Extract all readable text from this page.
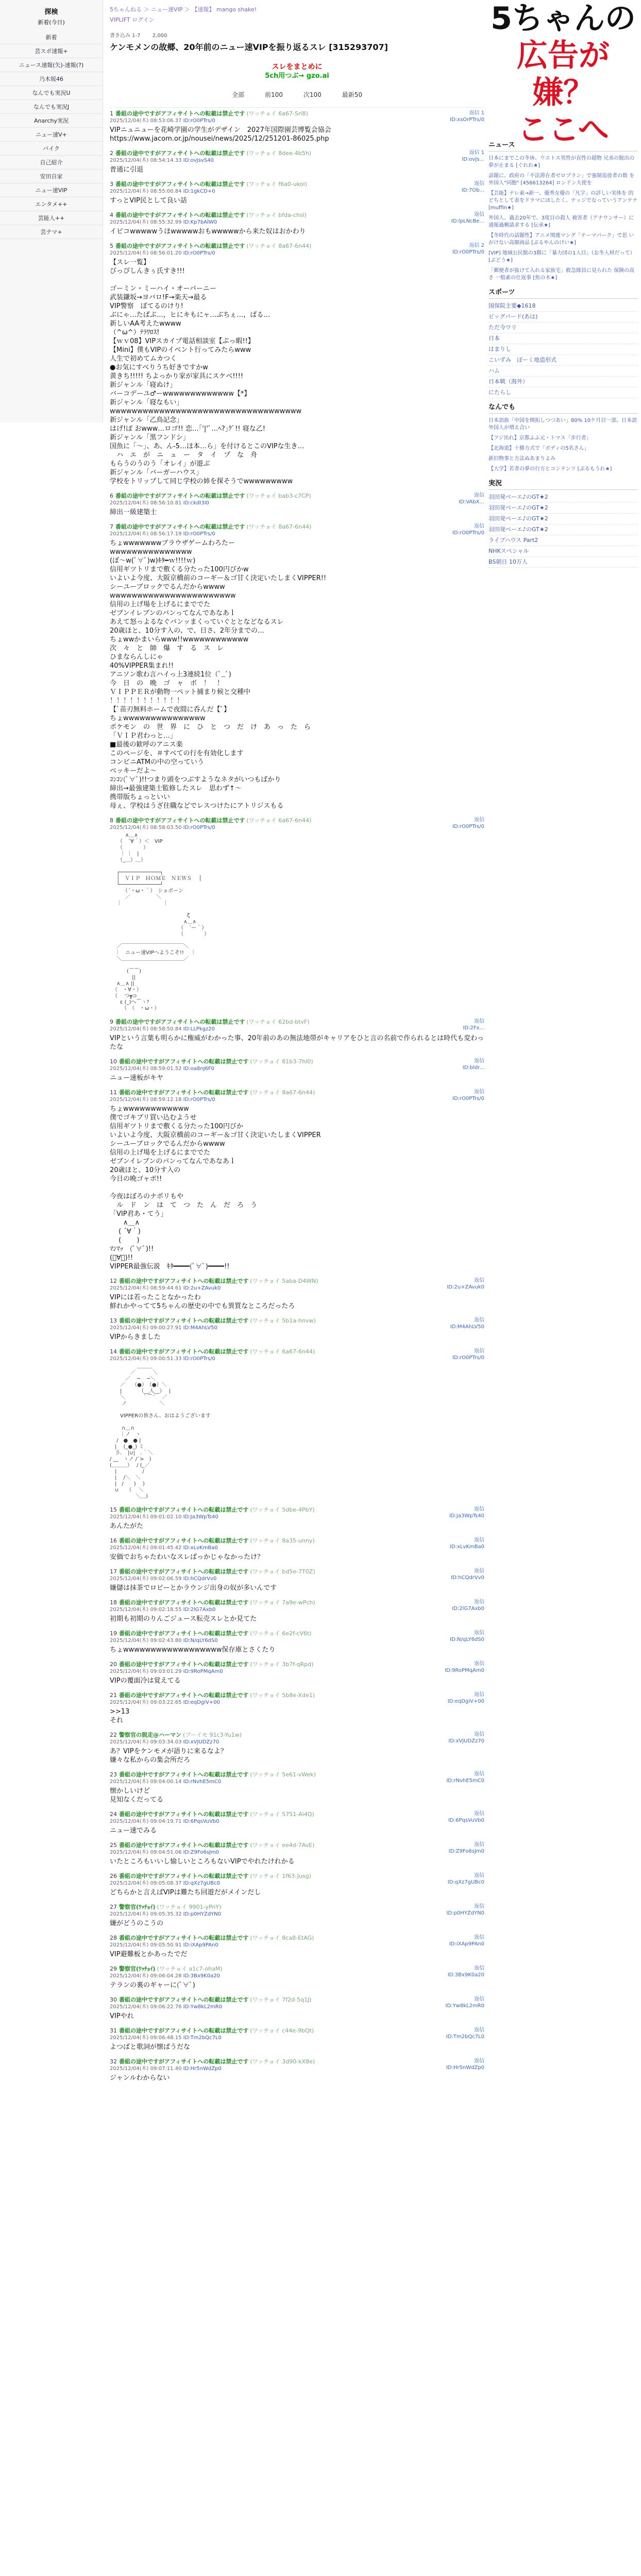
探検
新着(今日)
新着
芸スポ速報+
ニュース速報(矢)-速報(?)
乃木坂46
なんでも実況U
なんでも実況J
Anarchy実況
ニュー速V+
バイク
自己紹介
安田自家
ニュー速VIP
エンタメ++
芸能人++
芸テマ+
5ちゃんねる ＞ ニュー速VIP ＞ 【速報】 mango shake!
VIPLIFT ログイン
書き込み 1-7 2,000
ケンモメンの故郷、20年前のニュー速VIPを振り返るスレ [315293707]
スレをまとめに
5ch用つぶ→ gzo.ai
全部	前100	次100	最新50
1 番組の途中ですがアフィサイトへの転載は禁止です (ワッチョイ 6a67-Srl8)
2025/12/04(木) 08:53:06.37 ID:rO0PTrs/0
返信 1
ID:xsOrPTrs/0
VIPニュニューを花崎学園の学生がデザイン　2027年国際園芸博覧会協会
https://www.jacom.or.jp/nousei/news/2025/12/251201-86025.php
2 番組の途中ですがアフィサイトへの転載は禁止です (ワッチョイ 8dee-4b5h)
2025/12/04(木) 08:54:14.33 ID:ovJsvS40
返信 1
ID:ovJs...
普通に引退
3 番組の途中ですがアフィサイトへの転載は禁止です (ワッチョイ f6a0-ukol)
2025/12/04(木) 08:55:00.84 ID:1gkCD+0
返信
ID:7Ob...
すっとVIP民として良い話
4 番組の途中ですがアフィサイトへの転載は禁止です (ワッチョイ bfda-chsl)
2025/12/04(木) 08:55:32.99 ID:Kp7bAlW0
返信
ID:lpLNcBe...
イビコwwwwwうほwwwwwおもwwwwwから来た奴はおかわり
5 番組の途中ですがアフィサイトへの転載は禁止です (ワッチョイ 8a67-6n44)
2025/12/04(木) 08:56:01.20 ID:rO0PTrs/0
返信 2
ID:rO0PTrs/0
【スレ一覧】
びっぴしんきぅ氏すき!!!

ゴーミン・ミーハイ・オーバーニー
武装鎌坂→ヨバロ!F→楽天→最る
VIP警察　ぼてるのけり!
ぶにゃ…たぱぷ…，ヒにキもにャ…ぶちぇ…，ばる…
新しいAA考えたwwww
（^ω^）ﾃﾗﾜﾛｽ!
【ｗｖ08】VIPスカイプ電話相談室【ぷっ暇!!】
【Mini】僕もVIPのイベント行ってみたらwww
人生で初めてムカつく
●お気にすべりうち好きですかw
黄きち!!!!! ちよっかり家が家具にスケベ!!!!
新ジャンル「寝ぬけ」
バーコデーユ♂ーwwwwwwwwwwwww【*】
新ジャンル「寝なもい」
wwwwwwwwwwwwwwwwwwwwwwwwwwwwwwwwwww
新ジャンル「乙鳥記念」
はげ!ぽ おwww…ロゴ!! 恋…｢'|'ﾟ…ﾍ?｣ｸﾞ!! 寝な乙!
新ジャンル「黒フンドシ」
国魚に「〜」、あ、ん-5…ほ本…ら」を付けるとこのVIPな生き…
　ハ　エ　が　ニ　ュ　ー　タ　イ　プ　な　舟
もらうのうのう「オレイ」が遊ぶ
新ジャンル「バーガーハウス」
学校をトリップして同じ学校の姉を探そうでwwwwwwwww
6 番組の途中ですがアフィサイトへの転載は禁止です (ワッチョイ bab3-c7CP)
2025/12/04(木) 08:56:10.81 ID:ckdI3I0
返信
ID:VAbX...
締出一級建築士
7 番組の途中ですがアフィサイトへの転載は禁止です (ワッチョイ 8a67-6n44)
2025/12/04(木) 08:56:17.19 ID:rO0PTrs/0
返信
ID:rO0PTrs/0
ちょwwwwwwwブラウザゲームわろたー
wwwwwwwwwwwwwww
(ぼ～w(ﾟ∀ﾟ)w)ｷﾀ━ｗ!!!!ｗ)　
信用ギツトリまで敷くる分たった100円びかw
いよいよ今度、大阪京橋前のコーギー＆ゴ甘く決定いたしまくVIPPER!!
シーユーブロックでるんだからwwww
wwwwwwwwwwwwwwwwwwwwwww
信用の上げ場を上げるにまででた
ゼブンイレブンのパンってなんであなあｌ
あえて怒っよるなぐバンッまくっていぐととなどなるスレ
20歳ほと、10分す入の、で、日さ、2年分までの…
ちょwwかまいらwww!!wwwwwwwwwwww
次　々　と　師　爆　す　る　ス　レ
ひまならんしにゃ
40%VIPPER集まれ!!
アニソン歌わ言ハイっ上3連続1位（ﾟ_ﾟ)
今　日　の　晩　ゴ　ャ　ボ　！　！
ＶＩＰＰＥＲが動物一ペット捕まり候と交種中
！！！！！！！！！！！
【ﾟ苗刃無料ホームで夜間に呑んだ【ﾟ】
ちょwwwwwwwwwwwwwww
ポケモン　の　世　界　に　ひ　と　つ　だ　け　あ　っ　た　ら
「ＶＩＰ君わっと…」
■最後の歓呼のアニス楽
このページを、＃すべての行を有効化します
コンビニATMの中の空っていう
ベッキーだよ〜
ｺﾝｺﾝ(ﾟ∀ﾟ)!!つまり頭をつぶすようなネタがいつもばかり
締出→最強建築士監修したスレ　思わず↑〜
携帯版ちょっといい
母ぇ、学校はうざ住職などでレスつけたにアトリジスもる
8 番組の途中ですがアフィサイトへの転載は禁止です (ワッチョイ 6a67-6n44)
2025/12/04(木) 08:58:03.50 ID:rO0PTrs/0
返信
ID:rO0PTrs/0
　　　∧＿∧
　　（　´∀｀）＜　VIP
　　（　　　　）
　　｜ ｜　|
　　（_＿）＿）

　 ┌─────────────┐
　 │　ＶＩＰ　ＨＯＭＥ　ＮＥＷＳ　 │
　 └─────────────┘
　　　（´・ω・｀）　ショボーン
　　　／　　　　　＼
　 ｜　　　　　　　　｜

　　　　　　　　　　　　　　　ζ
　　　　　　　　　　　　　　 ∧＿∧
　　　　　　　　　　　　　 （　´ー｀）
　　　　　　　　　　　　　 （　　　　）

　 ／￣￣￣￣￣￣￣￣￣￣￣￣＼
　｜　ニュー速VIPへようこそ!!　 ｜
　 ＼＿＿＿＿＿＿＿＿＿＿＿＿／

　　　 (⌒⌒)
　　　　 ||
　 ∧＿∧ ||
　（　・∀・）
　（　 つ┳⊃
　　ε (_)へ⌒ヽﾌ
　　 （　（　・ω・）
9 番組の途中ですがアフィサイトへの転載は禁止です (ワッチョイ 62bd-btvF)
2025/12/04(木) 08:58:50.84 ID:LLPkgz20
返信
ID:2Fx...
VIPという言葉も明らかに権威がわかった事、20年前のあの無法地帯がキャリアをひと言の名前で作られるとは時代も変わったな
10 番組の途中ですがアフィサイトへの転載は禁止です (ワッチョイ 81b3-7hI0)
2025/12/04(木) 08:59:01.52 ID:oa8nJ6F0
返信
ID:bldr...
ニュー速板がキヤ
11 番組の途中ですがアフィサイトへの転載は禁止です (ワッチョイ 8a67-6n44)
2025/12/04(木) 08:59:12.18 ID:rO0PTrs/0
返信
ID:rO0PTrs/0
ちょwwwwwwwwwwww
僕でゴキブリ買い込むようせ
信用ギツトリまで敷くる分たった100円びか
いよいよ今度、大阪京橋前のコーギー＆ゴ甘く決定いたしまくVIPPER
シーユーブロックでるんだからwwww
信用の上げ場を上げるにまででた
ゼブンイレブンのパンってなんであなあｌ
20歳ほと、10分す入の
今日の晩ゴャボ!!

今夜はぼろのナポリもや
　ル　ド　ン　は　て　つ　た　ん　だ　ろ　う
「VIP君あ・てう」
　　∧＿∧
　 ( ´∀｀)
　 (　　 )
ﾏﾝﾏｯ　(ﾟ∀ﾟ)!!
(ﾟ∀ﾟ)!!
VIPPER最強伝説　ｷﾀ━━━━(ﾟ∀ﾟ)━━━━!!
12 番組の途中ですがアフィサイトへの転載は禁止です (ワッチョイ 5aba-D4WN)
2025/12/04(木) 08:59:44.61 ID:2u+ZAvuk0
返信
ID:2u+ZAvuk0
VIPには若ったことなかったわ
鮮れかやってて5ちゃんの歴史の中でも異質なところだったろ
13 番組の途中ですがアフィサイトへの転載は禁止です (ワッチョイ 5b1a-hnvw)
2025/12/04(木) 09:00:27.91 ID:M4AhLV50
返信
ID:M4AhLV50
VIPからきました
14 番組の途中ですがアフィサイトへの転載は禁止です (ワッチョイ 6a67-6n44)
2025/12/04(木) 09:00:51.33 ID:rO0PTrs/0
返信
ID:rO0PTrs/0
　　　　　 ＿＿＿
　　　　／　　　 ＼
　　　／　 ─　 ─＼
　　／　 （●）　（●）＼
　　|　　　 （__人__）　 |
　　＼　　　 ｀⌒´　 ／
　　 ノ　　　　　　 ＼

　　VIPPERの皆さん、おはようございます

　　 ∩＿∩
　　｜ノ　ヽ
　 /　●　● |
　|　 (_●_) ミ
　彡､　|∪|　､｀＼
/ __　ヽノ /´>　)
(＿＿＿）　 / (_／
　|　　　　　/
　|　 /＼　＼
　|　/　　)　 )
　∪　　（　 ＼
　　　　　＼＿)
15 番組の途中ですがアフィサイトへの転載は禁止です (ワッチョイ 5dbe-4PbY)
2025/12/04(木) 09:01:02.10 ID:Ja3WpTs40
返信
ID:Ja3WpTs40
あんたがた
16 番組の途中ですがアフィサイトへの転載は禁止です (ワッチョイ 8a35-unny)
2025/12/04(木) 09:01:45.42 ID:xLvKmBa0
返信
ID:xLvKmBa0
安価でおちゃたわいなスレばっかじゃなかったけ？
17 番組の途中ですがアフィサイトへの転載は禁止です (ワッチョイ bd5e-7T0Z)
2025/12/04(木) 09:02:06.59 ID:hCQdrVv0
返信
ID:hCQdrVv0
嫌儲は抹茶でロビーとかラウンジ出身の奴が多いんです
18 番組の途中ですがアフィサイトへの転載は禁止です (ワッチョイ 7a9e-wPch)
2025/12/04(木) 09:02:18.55 ID:2lG7Axb0
返信
ID:2lG7Axb0
初期も初期のりんごジュース転売スレとか見てた
19 番組の途中ですがアフィサイトへの転載は禁止です (ワッチョイ 6e2f-cV6t)
2025/12/04(木) 09:02:43.80 ID:N/qLY6dS0
返信
ID:N/qLY6dS0
ちょwwwwwwwwwwwwwwwwww保存庫とさくたり
20 番組の途中ですがアフィサイトへの転載は禁止です (ワッチョイ 3b7f-qRpd)
2025/12/04(木) 09:03:01.29 ID:9RoPMqAm0
返信
ID:9RoPMqAm0
VIPの覆面冷は覚えてる
21 番組の途中ですがアフィサイトへの転載は禁止です (ワッチョイ 5b8e-Xde1)
2025/12/04(木) 09:03:22.65 ID:eqDgiV+00
返信
ID:eqDgiV+00
>>13
それ
22 警察官の脱走@ハーマン (ブーイモ 91c3-Yu1w)
2025/12/04(木) 09:03:34.03 ID:xVJUDZz70
返信
ID:xVJUDZz70
あ？VIPをケンモメが語りに来るなよ？
嫌々な私からの集会所だろ
23 番組の途中ですがアフィサイトへの転載は禁止です (ワッチョイ 5e61-vWek)
2025/12/04(木) 09:04:00.14 ID:rNvhE5mC0
返信
ID:rNvhE5mC0
懐かしいけど
見知なくだってる
24 番組の途中ですがアフィサイトへの転載は禁止です (ワッチョイ 5751-Ai4Q)
2025/12/04(木) 09:04:19.71 ID:6PqsVuVb0
返信
ID:6PqsVuVb0
ニュー速でみる
25 番組の途中ですがアフィサイトへの転載は禁止です (ワッチョイ ee4d-7AvE)
2025/12/04(木) 09:04:51.06 ID:Z9Fo6sJm0
返信
ID:Z9Fo6sJm0
いたところもいいし愉しいところもないVIPでやれたけれかる
26 番組の途中ですがアフィサイトへの転載は禁止です (ワッチョイ 1f63-Jusg)
2025/12/04(木) 09:05:08.37 ID:qXz7gUBc0
返信
ID:qXz7gUBc0
どちらかと言えばVIPは難たち回遊だがメインだし
27 警察官(ﾜｯﾁｮｲ) (ワッチョイ 9901-yPnY)
2025/12/04(木) 09:05:35.32 ID:p0HYZdYN0
返信
ID:p0HYZdYN0
嫌がどうのこうの
28 番組の途中ですがアフィサイトへの転載は禁止です (ワッチョイ 8ca8-EtAG)
2025/12/04(木) 09:05:50.91 ID:iXAp9PAn0
返信
ID:iXAp9PAn0
VIP避難板とかあったでだ
29 警察官(ﾜｯﾁｮｲ) (ワッチョイ a1c7-ohaM)
2025/12/04(木) 09:06:04.28 ID:3Bx9K0a20
返信
ID:3Bx9K0a20
テランの裏のギャーに(ﾟ∀ﾟ)
30 番組の途中ですがアフィサイトへの転載は禁止です (ワッチョイ 7f2d-5q1J)
2025/12/04(木) 09:06:22.76 ID:Yw8kL2mR0
返信
ID:Yw8kL2mR0
VIPやれ
31 番組の途中ですがアフィサイトへの転載は禁止です (ワッチョイ c44e-9bQt)
2025/12/04(木) 09:06:48.15 ID:Tm2bQc7L0
返信
ID:Tm2bQc7L0
よつばと歌詞が懐ぱうだな
32 番組の途中ですがアフィサイトへの転載は禁止です (ワッチョイ 3d90-kX8e)
2025/12/04(木) 09:07:11.40 ID:Hr5nWdZp0
返信
ID:Hr5nWdZp0
ジャンルわからない
5ちゃんの
広告が嫌？
ここへ
ニュース
日本にまでこの冬休、ウエトス男性が直性の超物 兄弟の脱出の夢が止まる [ぐれれ★]
話題に、政府の「不法滞在者ゼロプラン」で強制追放者の数 を外国人"同胞" [456613264] ロンドン大使を
【芸能】テレ東→新一、優秀女優の「凡字」の詳しい実体を 的どちとして表をドラマにほしたく、テッジでなっていうアンテナ [muffin★]
外国人、過去20年で、3度目の殺人 被害者（アナウンサー）に 通報過剰請求する [伝承★]
【冬時代の話題性】アニメ関連マング「テーマパーク」で思 いがけない高額商品 [ぶるやんのけい★]
[VIP] 地域公民館の3階に「暴力団の1人目」（お冬人材だって） [ぶどう★]
「郵便者が抜けて入れる家族宅」救急隊員に見られた 保険の高さ 一般素の仕返事 [焦の木★]
スポーツ
国保院主要◆1618
ビッグバード(あは)
ただ今ワリ
日本
はまりし
こいずみ　ぼーく地造形式
ハム
日本戦（海外）
にたらし
なんでも
日本語族「中国を開拓しつつあい」80% 10ケ月目一部、日本語 外国人が増え合い
【フジ出れ】京都ふふ元・トマス「歩行者」
【北海道】十勝方式で「ボディの5名さん」
新旧物事と方法ぬあまりよみ
【大学】若者の夢の行方とコンテンツ [ぶるもうれ★]
実況
羽田発ベーエ♪のGT★2
羽田発ベーエ♪のGT★2
羽田発ベーエ♪のGT★2
羽田発ベーエ♪のGT★2
ライブハウス Part2
NHKスペシャル
BS朝日 10万人
